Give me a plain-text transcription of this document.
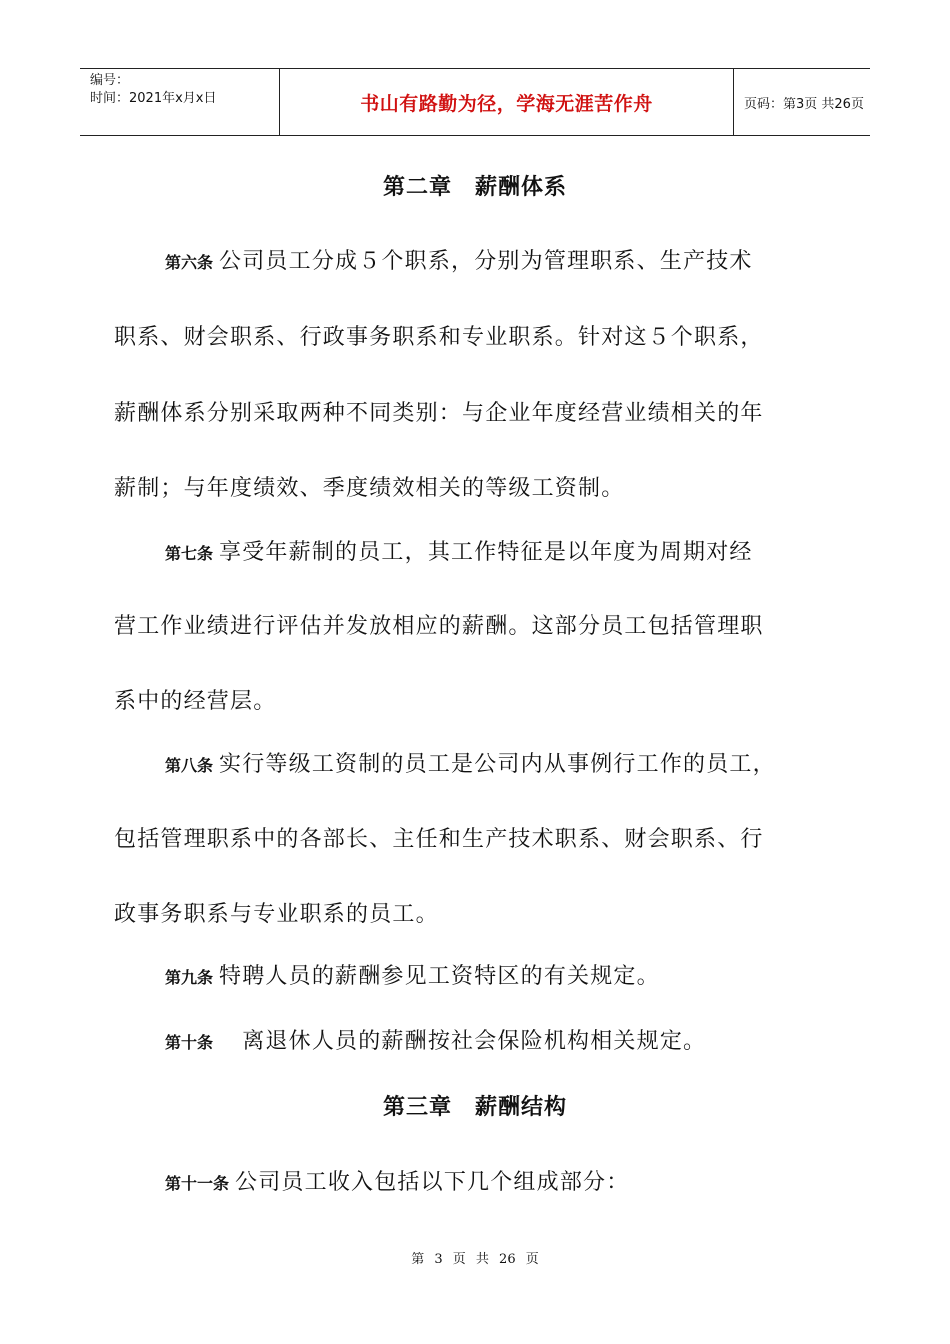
编号：
时间：2021年x月x日	书山有路勤为径，学海无涯苦作舟	页码：第3页 共26页
第二章　薪酬体系
第六条 公司员工分成５个职系，分别为管理职系、生产技术
职系、财会职系、行政事务职系和专业职系。针对这５个职系，
薪酬体系分别采取两种不同类别：与企业年度经营业绩相关的年
薪制；与年度绩效、季度绩效相关的等级工资制。
第七条 享受年薪制的员工，其工作特征是以年度为周期对经
营工作业绩进行评估并发放相应的薪酬。这部分员工包括管理职
系中的经营层。
第八条 实行等级工资制的员工是公司内从事例行工作的员工，
包括管理职系中的各部长、主任和生产技术职系、财会职系、行
政事务职系与专业职系的员工。
第九条 特聘人员的薪酬参见工资特区的有关规定。
第十条　离退休人员的薪酬按社会保险机构相关规定。
第三章　薪酬结构
第十一条 公司员工收入包括以下几个组成部分：
第 3 页 共 26 页
